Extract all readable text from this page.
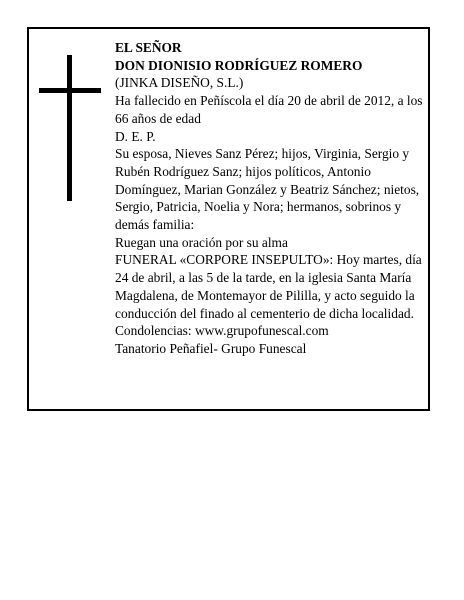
EL SEÑOR

DON DIONISIO RODRÍGUEZ ROMERO

(JINKA DISEÑO, S.L.)

Ha fallecido en Peñíscola el día 20 de abril de 2012, a los 66 años de edad

D. E. P.

Su esposa, Nieves Sanz Pérez; hijos, Virginia, Sergio y Rubén Rodríguez Sanz; hijos políticos, Antonio Domínguez, Marian González y Beatriz Sánchez; nietos, Sergio, Patricia, Noelia y Nora; hermanos, sobrinos y demás familia:

Ruegan una oración por su alma

FUNERAL «CORPORE INSEPULTO»: Hoy martes, día 24 de abril, a las 5 de la tarde, en la iglesia Santa María Magdalena, de Montemayor de Pililla, y acto seguido la conducción del finado al cementerio de dicha localidad.

Condolencias: www.grupofunescal.com

Tanatorio Peñafiel- Grupo Funescal
